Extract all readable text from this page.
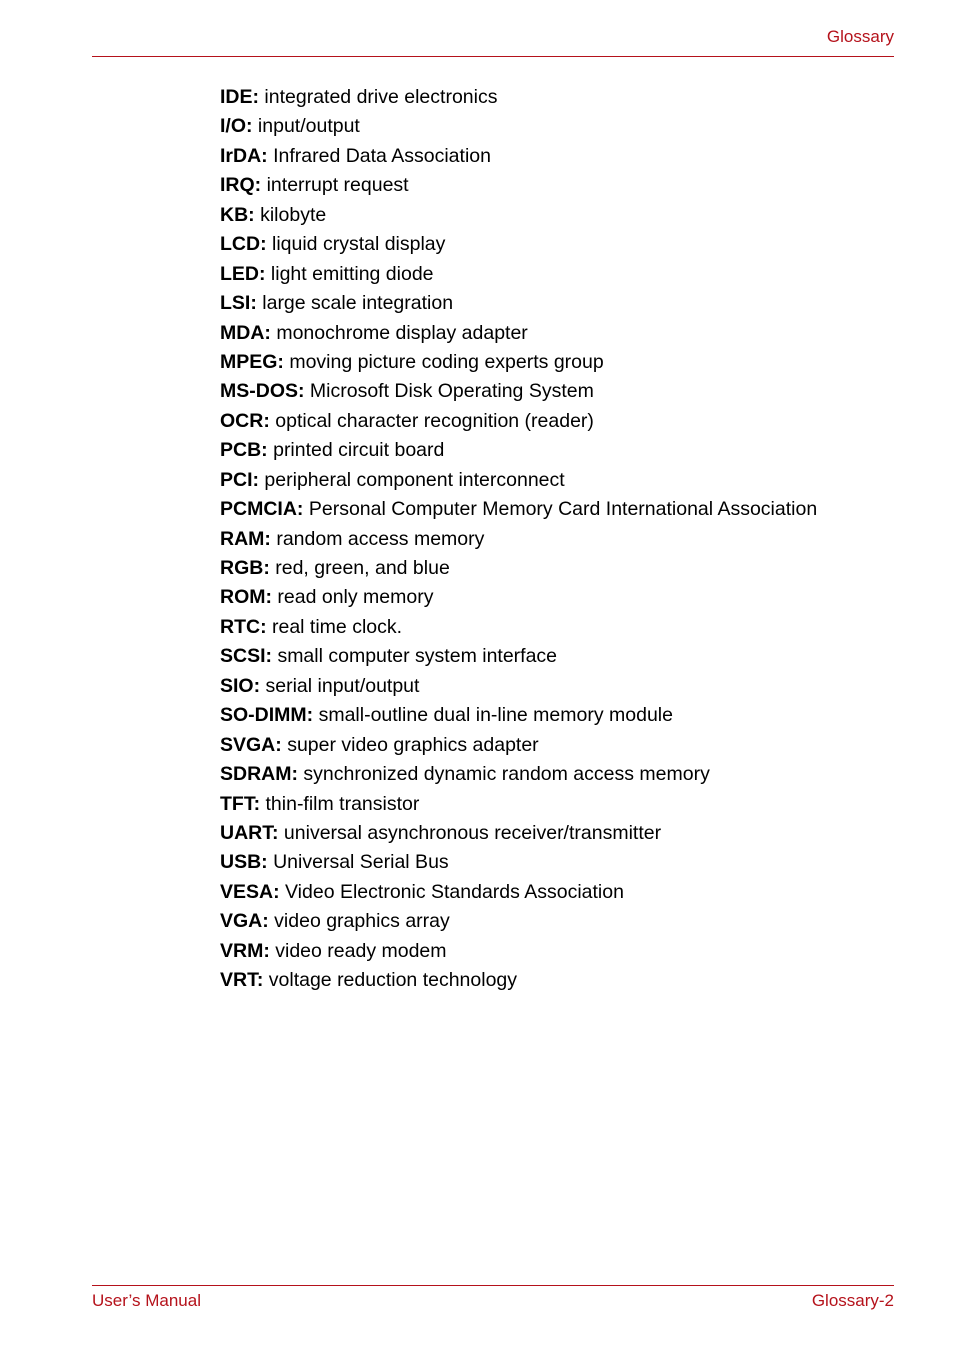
Glossary
IDE: integrated drive electronics
I/O: input/output
IrDA: Infrared Data Association
IRQ: interrupt request
KB: kilobyte
LCD: liquid crystal display
LED: light emitting diode
LSI: large scale integration
MDA: monochrome display adapter
MPEG: moving picture coding experts group
MS-DOS: Microsoft Disk Operating System
OCR: optical character recognition (reader)
PCB: printed circuit board
PCI: peripheral component interconnect
PCMCIA: Personal Computer Memory Card International Association
RAM: random access memory
RGB: red, green, and blue
ROM: read only memory
RTC: real time clock.
SCSI: small computer system interface
SIO: serial input/output
SO-DIMM: small-outline dual in-line memory module
SVGA: super video graphics adapter
SDRAM: synchronized dynamic random access memory
TFT: thin-film transistor
UART: universal asynchronous receiver/transmitter
USB: Universal Serial Bus
VESA: Video Electronic Standards Association
VGA: video graphics array
VRM: video ready modem
VRT: voltage reduction technology
User’s Manual	Glossary-2
